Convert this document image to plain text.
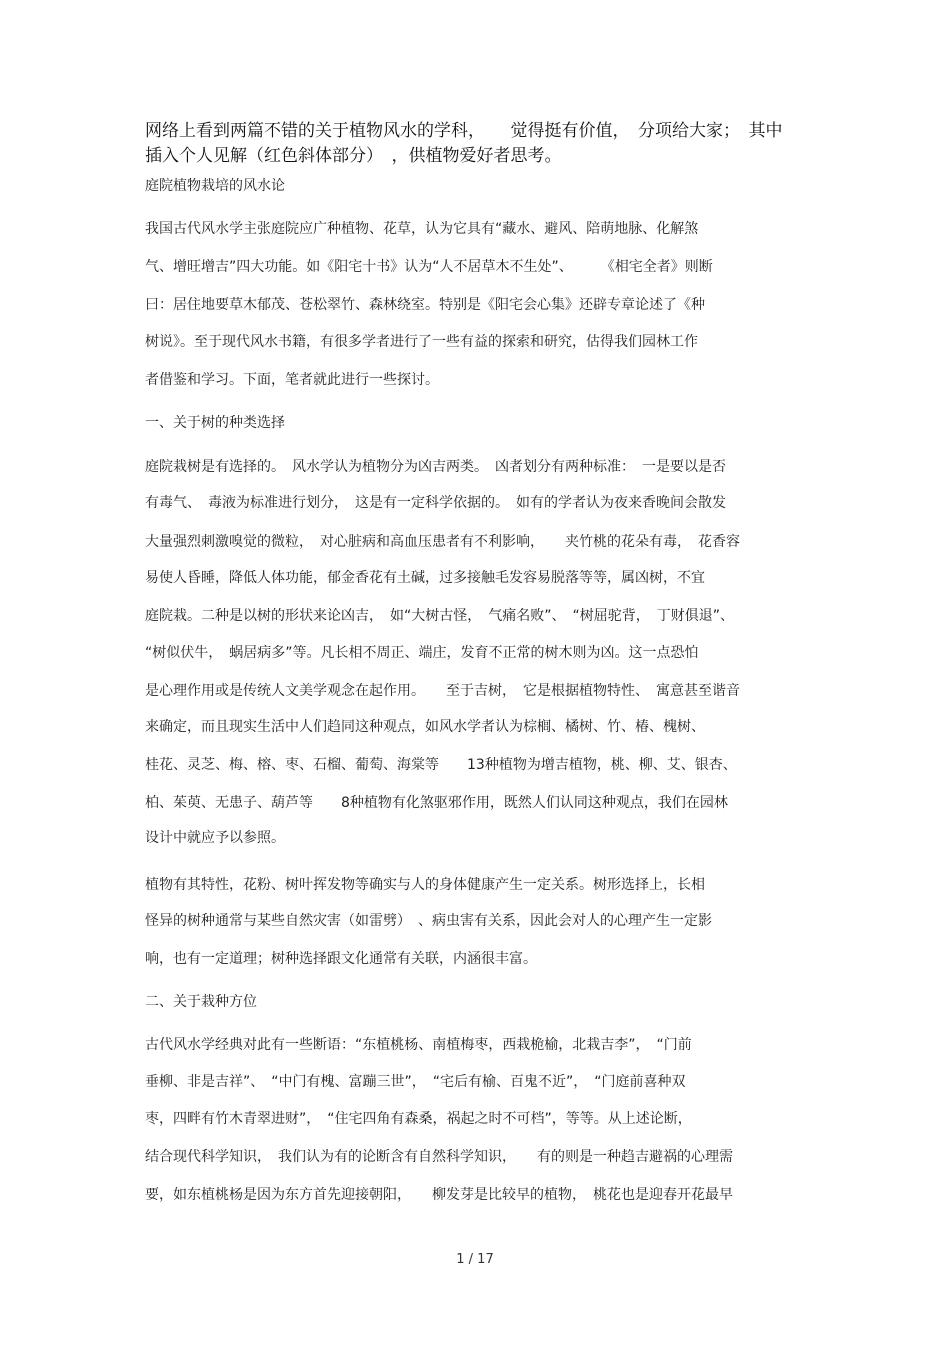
网络上看到两篇不错的关于植物风水的学科，　　觉得挺有价值，　分项给大家；　其中
插入个人见解（红色斜体部分）　，供植物爱好者思考。
庭院植物栽培的风水论
我国古代风水学主张庭院应广种植物、花草，认为它具有“藏水、避风、陪萌地脉、化解煞
气、增旺增吉”四大功能。如《阳宅十书》认为“人不居草木不生处”、　　　《相宅全者》则断
曰：居住地要草木郁茂、苍松翠竹、森林绕室。特别是《阳宅会心集》还辟专章论述了《种
树说》。至于现代风水书籍，有很多学者进行了一些有益的探索和研究，估得我们园林工作
者借鉴和学习。下面，笔者就此进行一些探讨。
一、关于树的种类选择
庭院栽树是有选择的。　风水学认为植物分为凶吉两类。　凶者划分有两种标准：　一是要以是否
有毒气、　毒液为标准进行划分，　这是有一定科学依据的。　如有的学者认为夜来香晚间会散发
大量强烈刺激嗅觉的微粒，　对心脏病和高血压患者有不利影响，　　夹竹桃的花朵有毒，　花香容
易使人昏睡，降低人体功能，郁金香花有土碱，过多接触毛发容易脱落等等，属凶树，不宜
庭院栽。二种是以树的形状来论凶吉，　如“大树古怪，　气痛名败”、　“树屈驼背，　丁财俱退”、
“树似伏牛，　蜗居病多”等。凡长相不周正、端庄，发育不正常的树木则为凶。这一点恐怕
是心理作用或是传统人文美学观念在起作用。　　至于吉树，　它是根据植物特性、　寓意甚至谐音
来确定，而且现实生活中人们趋同这种观点，如风水学者认为棕榈、橘树、竹、椿、槐树、
桂花、灵芝、梅、榕、枣、石榴、葡萄、海棠等　　13种植物为增吉植物，桃、柳、艾、银杏、
柏、茱萸、无患子、葫芦等　　8种植物有化煞驱邪作用，既然人们认同这种观点，我们在园林
设计中就应予以参照。
植物有其特性，花粉、树叶挥发物等确实与人的身体健康产生一定关系。树形选择上，长相
怪异的树种通常与某些自然灾害（如雷劈）　、病虫害有关系，因此会对人的心理产生一定影
响，也有一定道理；树种选择跟文化通常有关联，内涵很丰富。
二、关于栽种方位
古代风水学经典对此有一些断语：“东植桃杨、南植梅枣，西栽桅榆，北栽吉李”，　“门前
垂柳、非是吉祥”、　“中门有槐、富蹦三世”，　“宅后有榆、百鬼不近”，　“门庭前喜种双
枣，四畔有竹木青翠进财”，　“住宅四角有森桑，祸起之时不可档”，等等。从上述论断，
结合现代科学知识，　我们认为有的论断含有自然科学知识，　　有的则是一种趋吉避祸的心理需
要，如东植桃杨是因为东方首先迎接朝阳，　　柳发芽是比较早的植物，　桃花也是迎春开花最早
1 / 17
